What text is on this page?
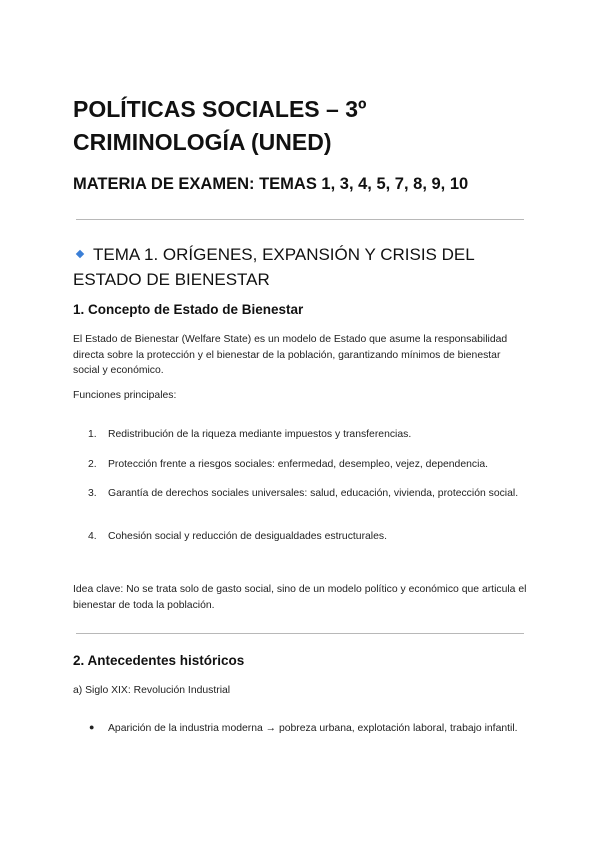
POLÍTICAS SOCIALES – 3º CRIMINOLOGÍA (UNED)
MATERIA DE EXAMEN: TEMAS 1, 3, 4, 5, 7, 8, 9, 10
TEMA 1. ORÍGENES, EXPANSIÓN Y CRISIS DEL ESTADO DE BIENESTAR
1. Concepto de Estado de Bienestar
El Estado de Bienestar (Welfare State) es un modelo de Estado que asume la responsabilidad directa sobre la protección y el bienestar de la población, garantizando mínimos de bienestar social y económico.
Funciones principales:
1.	Redistribución de la riqueza mediante impuestos y transferencias.
2.	Protección frente a riesgos sociales: enfermedad, desempleo, vejez, dependencia.
3.	Garantía de derechos sociales universales: salud, educación, vivienda, protección social.
4.	Cohesión social y reducción de desigualdades estructurales.
Idea clave: No se trata solo de gasto social, sino de un modelo político y económico que articula el bienestar de toda la población.
2. Antecedentes históricos
a) Siglo XIX: Revolución Industrial
● Aparición de la industria moderna → pobreza urbana, explotación laboral, trabajo infantil.
